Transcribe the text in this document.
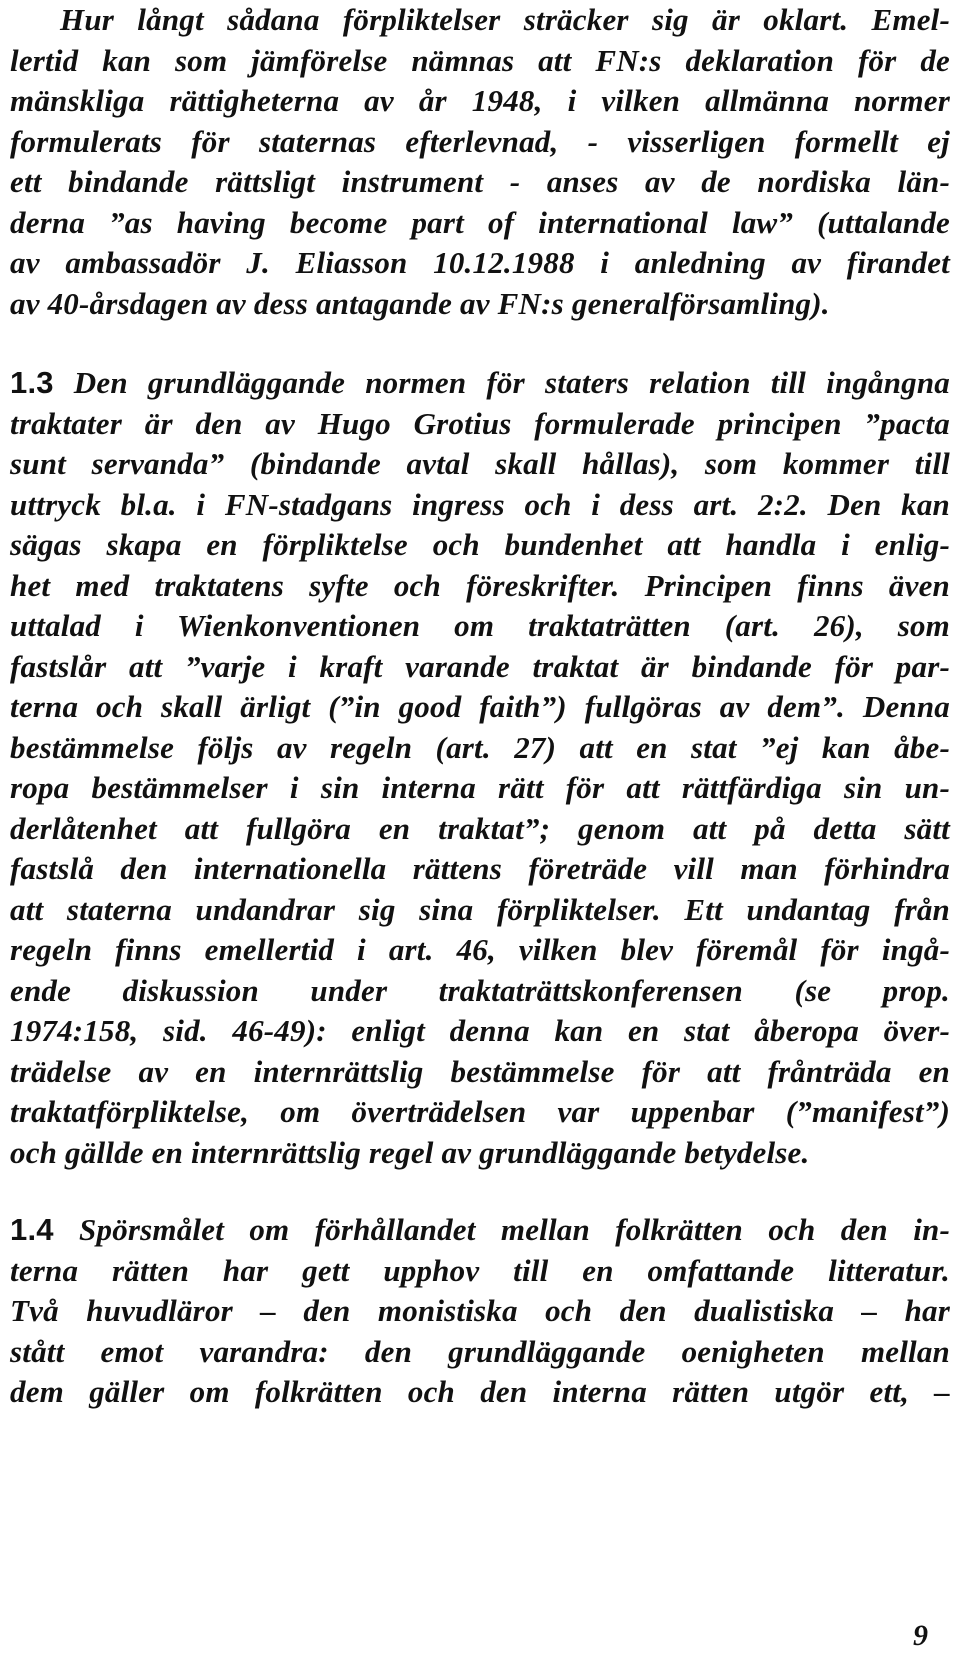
Hur långt sådana förpliktelser sträcker sig är oklart. Emel-
lertid kan som jämförelse nämnas att FN:s deklaration för de
mänskliga rättigheterna av år 1948, i vilken allmänna normer
formulerats för staternas efterlevnad, - visserligen formellt ej
ett bindande rättsligt instrument - anses av de nordiska län-
derna ”as having become part of international law” (uttalande
av ambassadör J. Eliasson 10.12.1988 i anledning av firandet
av 40-årsdagen av dess antagande av FN:s generalförsamling).
1.3 Den grundläggande normen för staters relation till ingångna
traktater är den av Hugo Grotius formulerade principen ”pacta
sunt servanda” (bindande avtal skall hållas), som kommer till
uttryck bl.a. i FN-stadgans ingress och i dess art. 2:2. Den kan
sägas skapa en förpliktelse och bundenhet att handla i enlig-
het med traktatens syfte och föreskrifter. Principen finns även
uttalad i Wienkonventionen om traktaträtten (art. 26), som
fastslår att ”varje i kraft varande traktat är bindande för par-
terna och skall ärligt (”in good faith”) fullgöras av dem”. Denna
bestämmelse följs av regeln (art. 27) att en stat ”ej kan åbe-
ropa bestämmelser i sin interna rätt för att rättfärdiga sin un-
derlåtenhet att fullgöra en traktat”; genom att på detta sätt
fastslå den internationella rättens företräde vill man förhindra
att staterna undandrar sig sina förpliktelser. Ett undantag från
regeln finns emellertid i art. 46, vilken blev föremål för ingå-
ende diskussion under traktaträttskonferensen (se prop.
1974:158, sid. 46-49): enligt denna kan en stat åberopa över-
trädelse av en internrättslig bestämmelse för att frånträda en
traktatförpliktelse, om överträdelsen var uppenbar (”manifest”)
och gällde en internrättslig regel av grundläggande betydelse.
1.4 Spörsmålet om förhållandet mellan folkrätten och den in-
terna rätten har gett upphov till en omfattande litteratur.
Två huvudläror – den monistiska och den dualistiska – har
stått emot varandra: den grundläggande oenigheten mellan
dem gäller om folkrätten och den interna rätten utgör ett, –
9
